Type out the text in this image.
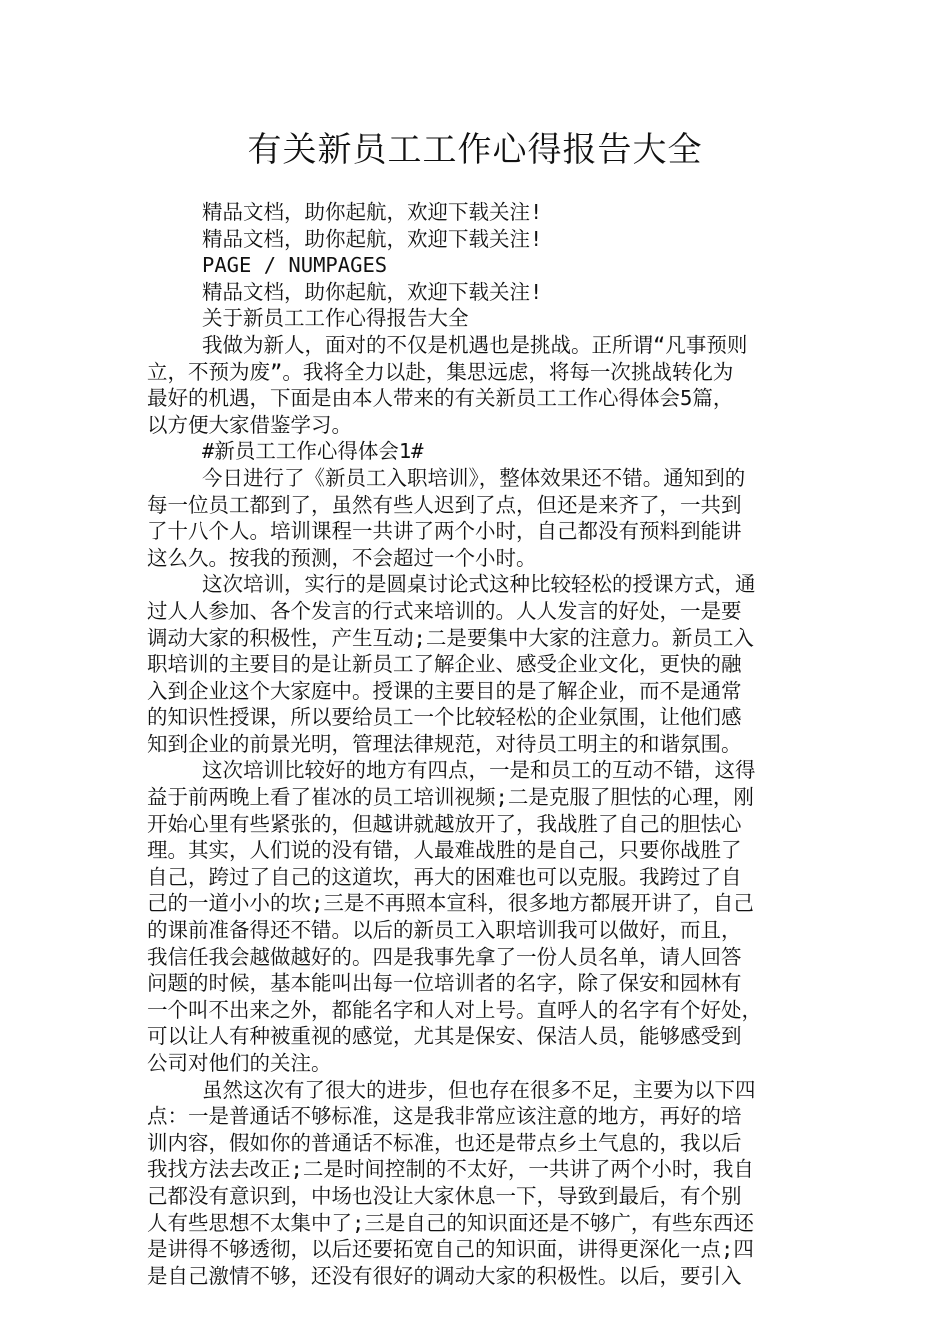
有关新员工工作心得报告大全
精品文档，助你起航，欢迎下载关注!
精品文档，助你起航，欢迎下载关注!
PAGE / NUMPAGES
精品文档，助你起航，欢迎下载关注!
关于新员工工作心得报告大全
我做为新人，面对的不仅是机遇也是挑战。正所谓“凡事预则
立，不预为废”。我将全力以赴，集思远虑，将每一次挑战转化为
最好的机遇，下面是由本人带来的有关新员工工作心得体会5篇，
以方便大家借鉴学习。
#新员工工作心得体会1#
今日进行了《新员工入职培训》，整体效果还不错。通知到的
每一位员工都到了，虽然有些人迟到了点，但还是来齐了，一共到
了十八个人。培训课程一共讲了两个小时，自己都没有预料到能讲
这么久。按我的预测，不会超过一个小时。
这次培训，实行的是圆桌讨论式这种比较轻松的授课方式，通
过人人参加、各个发言的行式来培训的。人人发言的好处，一是要
调动大家的积极性，产生互动;二是要集中大家的注意力。新员工入
职培训的主要目的是让新员工了解企业、感受企业文化，更快的融
入到企业这个大家庭中。授课的主要目的是了解企业，而不是通常
的知识性授课，所以要给员工一个比较轻松的企业氛围，让他们感
知到企业的前景光明，管理法律规范，对待员工明主的和谐氛围。
这次培训比较好的地方有四点，一是和员工的互动不错，这得
益于前两晚上看了崔冰的员工培训视频;二是克服了胆怯的心理，刚
开始心里有些紧张的，但越讲就越放开了，我战胜了自己的胆怯心
理。其实，人们说的没有错，人最难战胜的是自己，只要你战胜了
自己，跨过了自己的这道坎，再大的困难也可以克服。我跨过了自
己的一道小小的坎;三是不再照本宣科，很多地方都展开讲了，自己
的课前准备得还不错。以后的新员工入职培训我可以做好，而且，
我信任我会越做越好的。四是我事先拿了一份人员名单，请人回答
问题的时候，基本能叫出每一位培训者的名字，除了保安和园林有
一个叫不出来之外，都能名字和人对上号。直呼人的名字有个好处，
可以让人有种被重视的感觉，尤其是保安、保洁人员，能够感受到
公司对他们的关注。
虽然这次有了很大的进步，但也存在很多不足，主要为以下四
点：一是普通话不够标准，这是我非常应该注意的地方，再好的培
训内容，假如你的普通话不标准，也还是带点乡土气息的，我以后
我找方法去改正;二是时间控制的不太好，一共讲了两个小时，我自
己都没有意识到，中场也没让大家休息一下，导致到最后，有个别
人有些思想不太集中了;三是自己的知识面还是不够广，有些东西还
是讲得不够透彻，以后还要拓宽自己的知识面，讲得更深化一点;四
是自己激情不够，还没有很好的调动大家的积极性。以后，要引入
